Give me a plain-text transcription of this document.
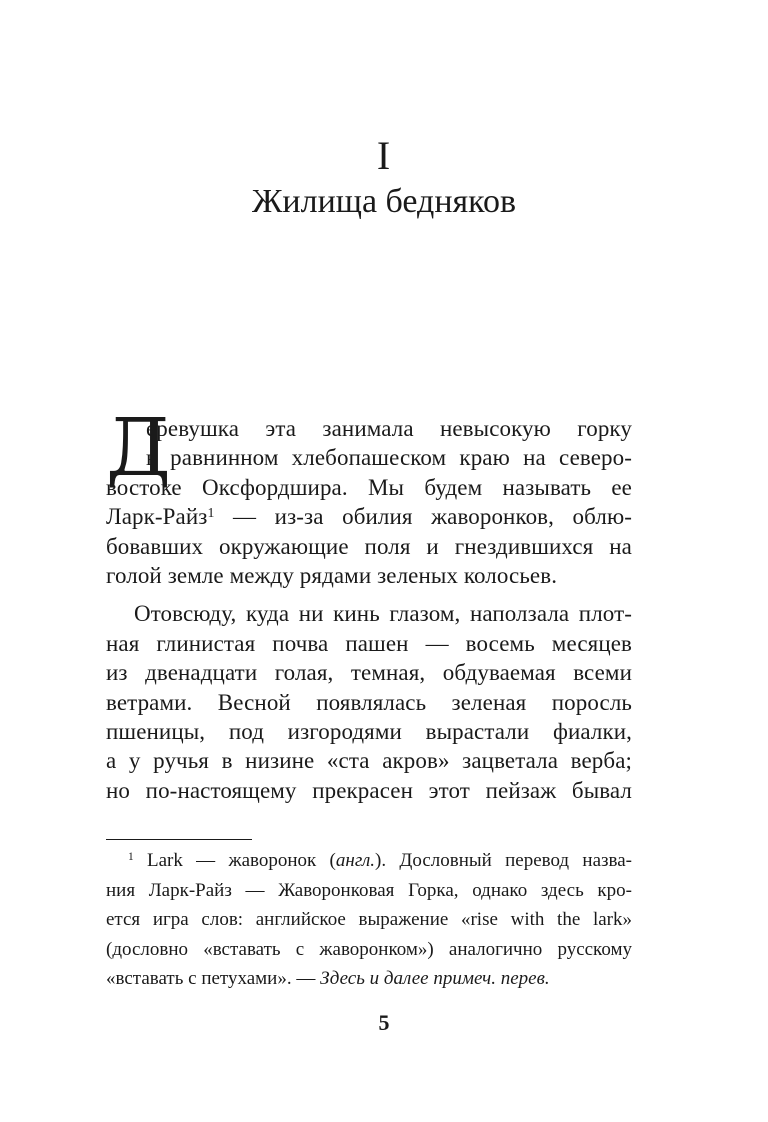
I
Жилища бедняков
Д
еревушка эта занимала невысокую горку
в равнинном хлебопашеском краю на северо-
востоке Оксфордшира. Мы будем называть ее
Ларк-Райз$^1$ — из-за обилия жаворонков, облю-
бовавших окружающие поля и гнездившихся на
голой земле между рядами зеленых колосьев.
Отовсюду, куда ни кинь глазом, наползала плот-
ная глинистая почва пашен — восемь месяцев
из двенадцати голая, темная, обдуваемая всеми
ветрами. Весной появлялась зеленая поросль
пшеницы, под изгородями вырастали фиалки,
а у ручья в низине «ста акров» зацветала верба;
но по-настоящему прекрасен этот пейзаж бывал
$^1$ Lark — жаворонок (англ.). Дословный перевод назва-
ния Ларк-Райз — Жаворонковая Горка, однако здесь кро-
ется игра слов: английское выражение «rise with the lark»
(дословно «вставать с жаворонком») аналогично русскому
«вставать с петухами». — Здесь и далее примеч. перев.
5
